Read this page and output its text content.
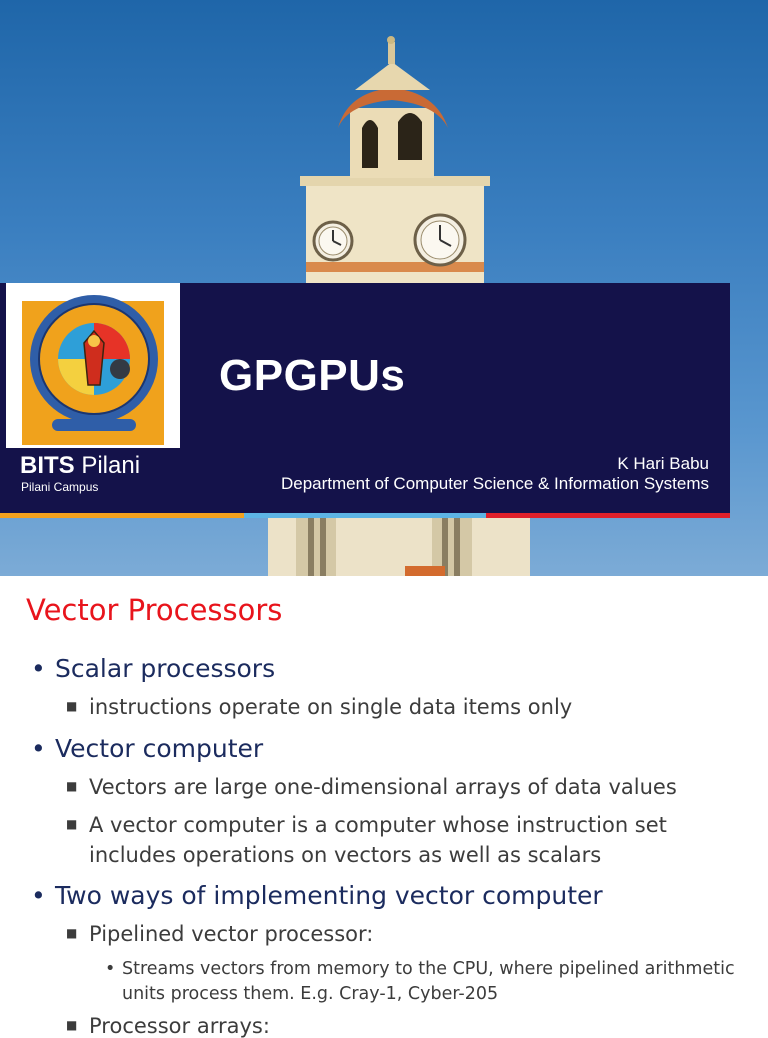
GPGPUs
BITS Pilani
Pilani Campus
K Hari Babu
Department of Computer Science & Information Systems
Vector Processors
• Scalar processors
■ instructions operate on single data items only
• Vector computer
■ Vectors are large one-dimensional arrays of data values
■ A vector computer is a computer whose instruction set
includes operations on vectors as well as scalars
• Two ways of implementing vector computer
■ Pipelined vector processor:
• Streams vectors from memory to the CPU, where pipelined arithmetic
units process them. E.g. Cray-1, Cyber-205
■ Processor arrays:
